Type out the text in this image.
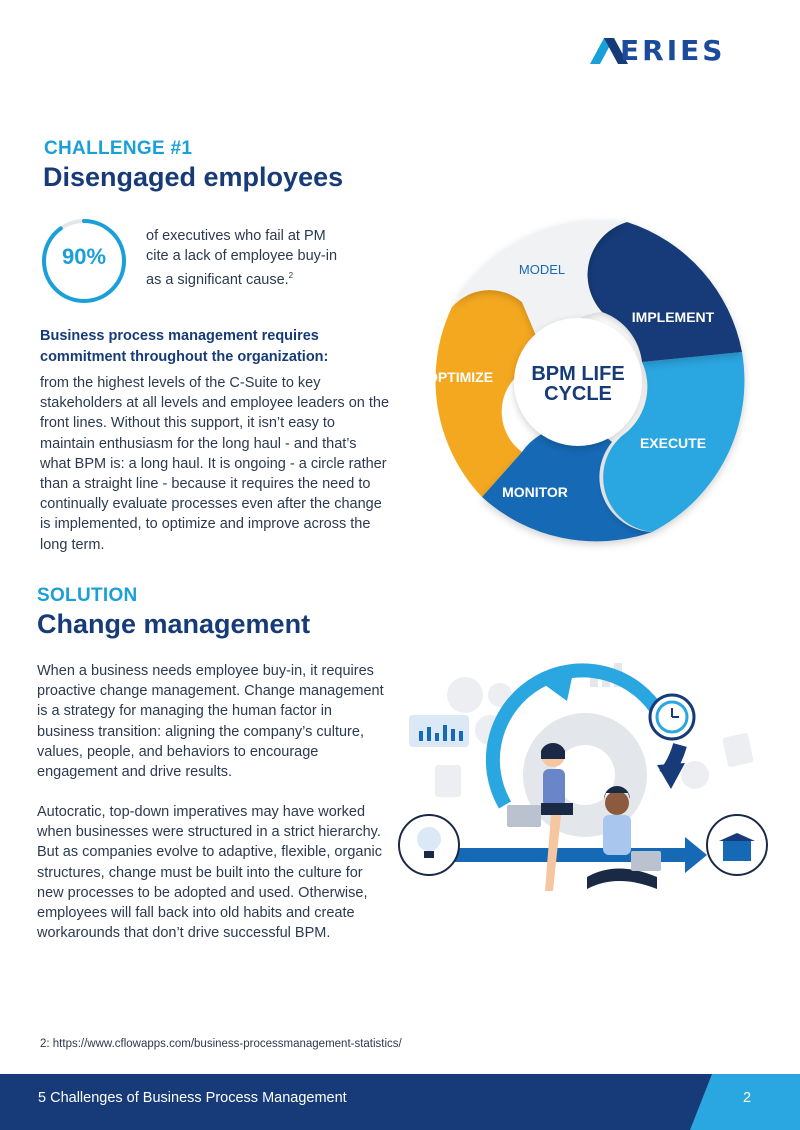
ERIES
CHALLENGE #1
Disengaged employees
90%
of executives who fail at PM cite a lack of employee buy-in as a significant cause.$^2$
Business process management requires commitment throughout the organization:
from the highest levels of the C-Suite to key stakeholders at all levels and employee leaders on the front lines. Without this support, it isn’t easy to maintain enthusiasm for the long haul - and that’s what BPM is: a long haul. It is ongoing - a circle rather than a straight line - because it requires the need to continually evaluate processes even after the change is implemented, to optimize and improve across the long term.
BPM LIFE
CYCLE
MODEL
IMPLEMENT
EXECUTE
MONITOR
OPTIMIZE
SOLUTION
Change management
When a business needs employee buy-in, it requires proactive change management. Change management is a strategy for managing the human factor in business transition: aligning the company’s culture, values, people, and behaviors to encourage engagement and drive results.
Autocratic, top-down imperatives may have worked when businesses were structured in a strict hierarchy. But as companies evolve to adaptive, flexible, organic structures, change must be built into the culture for new processes to be adopted and used. Otherwise, employees will fall back into old habits and create workarounds that don’t drive successful BPM.
2: https://www.cflowapps.com/business-processmanagement-statistics/
5 Challenges of Business Process Management	2
